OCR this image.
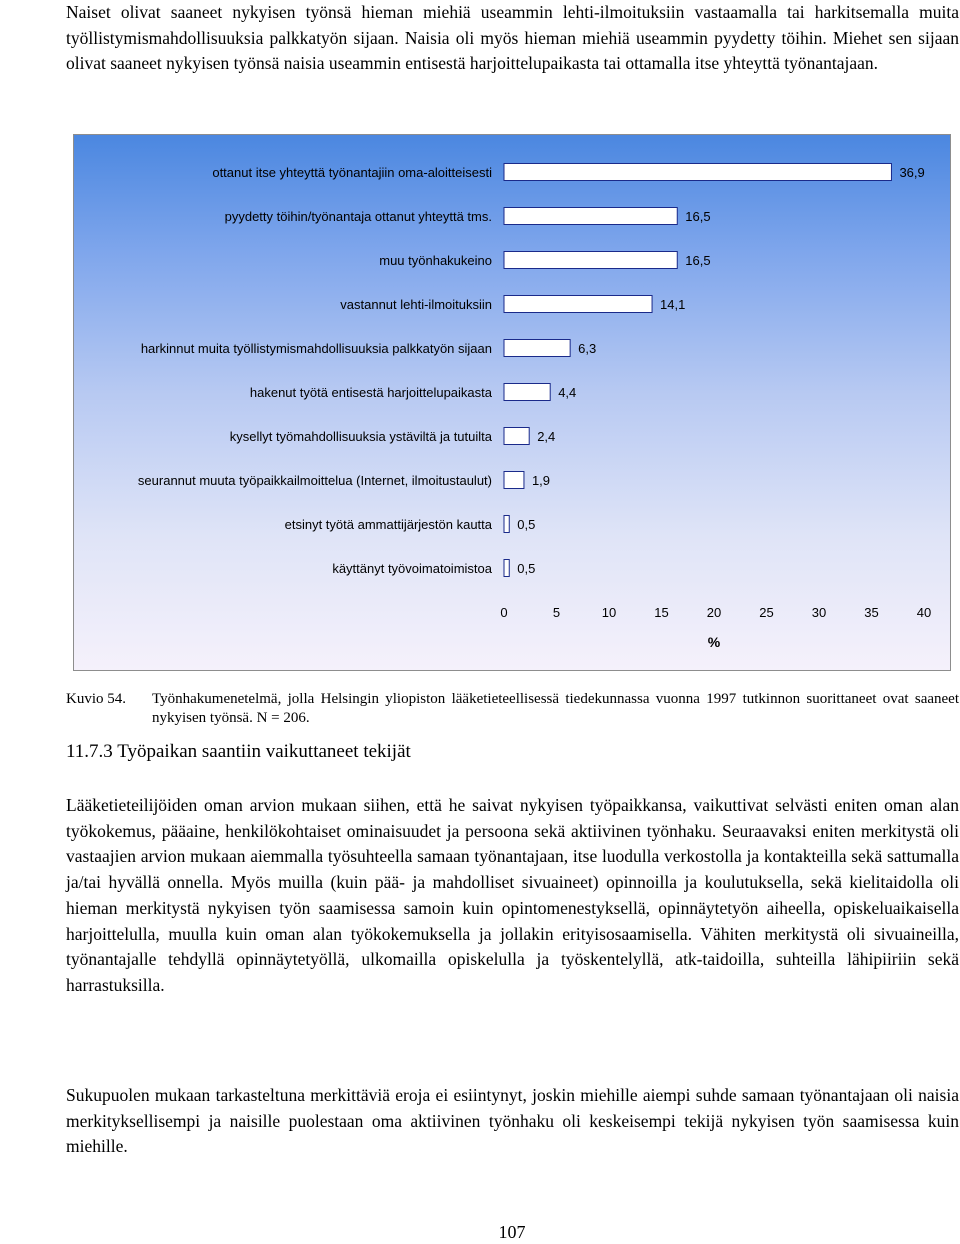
Naiset olivat saaneet nykyisen työnsä hieman miehiä useammin lehti-ilmoituksiin vastaamalla tai harkitsemalla muita työllistymismahdollisuuksia palkkatyön sijaan. Naisia oli myös hieman miehiä useammin pyydetty töihin. Miehet sen sijaan olivat saaneet nykyisen työnsä naisia useammin entisestä harjoittelupaikasta tai ottamalla itse yhteyttä työnantajaan.
ottanut itse yhteyttä työnantajiin oma-aloitteisesti	36,9
pyydetty töihin/työnantaja ottanut yhteyttä tms.	16,5
muu työnhakukeino	16,5
vastannut lehti-ilmoituksiin	14,1
harkinnut muita työllistymismahdollisuuksia palkkatyön sijaan	6,3
hakenut työtä entisestä harjoittelupaikasta	4,4
kysellyt työmahdollisuuksia ystäviltä ja tutuilta	2,4
seurannut muuta työpaikkailmoittelua (Internet, ilmoitustaulut)	1,9
etsinyt työtä ammattijärjestön kautta 0,5
käyttänyt työvoimatoimistoa 0,5
0	5	10	15	20	25	30	35	40
%
Kuvio 54. Työnhakumenetelmä, jolla Helsingin yliopiston lääketieteellisessä tiedekunnassa vuonna 1997 tutkinnon suorittaneet ovat saaneet nykyisen työnsä. N = 206.
11.7.3 Työpaikan saantiin vaikuttaneet tekijät
Lääketieteilijöiden oman arvion mukaan siihen, että he saivat nykyisen työpaikkansa, vaikuttivat selvästi eniten oman alan työkokemus, pääaine, henkilökohtaiset ominaisuudet ja persoona sekä aktiivinen työnhaku. Seuraavaksi eniten merkitystä oli vastaajien arvion mukaan aiemmalla työsuhteella samaan työnantajaan, itse luodulla verkostolla ja kontakteilla sekä sattumalla ja/tai hyvällä onnella. Myös muilla (kuin pää- ja mahdolliset sivuaineet) opinnoilla ja koulutuksella, sekä kielitaidolla oli hieman merkitystä nykyisen työn saamisessa samoin kuin opintomenestyksellä, opinnäytetyön aiheella, opiskeluaikaisella harjoittelulla, muulla kuin oman alan työkokemuksella ja jollakin erityisosaamisella. Vähiten merkitystä oli sivuaineilla, työnantajalle tehdyllä opinnäytetyöllä, ulkomailla opiskelulla ja työskentelyllä, atk-taidoilla, suhteilla lähipiiriin sekä harrastuksilla.
Sukupuolen mukaan tarkasteltuna merkittäviä eroja ei esiintynyt, joskin miehille aiempi suhde samaan työnantajaan oli naisia merkityksellisempi ja naisille puolestaan oma aktiivinen työnhaku oli keskeisempi tekijä nykyisen työn saamisessa kuin miehille.
107
